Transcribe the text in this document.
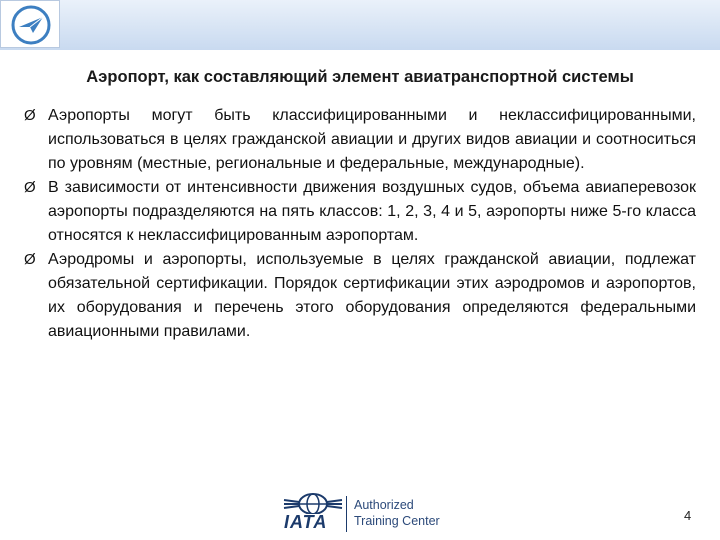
Аэропорт, как составляющий элемент авиатранспортной системы
Ø Аэропорты могут быть классифицированными и неклассифицированными, использоваться в целях гражданской авиации и других видов авиации и соотноситься по уровням (местные, региональные и федеральные, международные).
Ø В зависимости от интенсивности движения воздушных судов, объема авиаперевозок аэропорты подразделяются на пять классов: 1, 2, 3, 4 и 5, аэропорты ниже 5-го класса относятся к неклассифицированным аэропортам.
Ø Аэродромы и аэропорты, используемые в целях гражданской авиации, подлежат обязательной сертификации. Порядок сертификации этих аэродромов и аэропортов, их оборудования и перечень этого оборудования определяются федеральными авиационными правилами.
IATA
Authorized
Training Center	4
